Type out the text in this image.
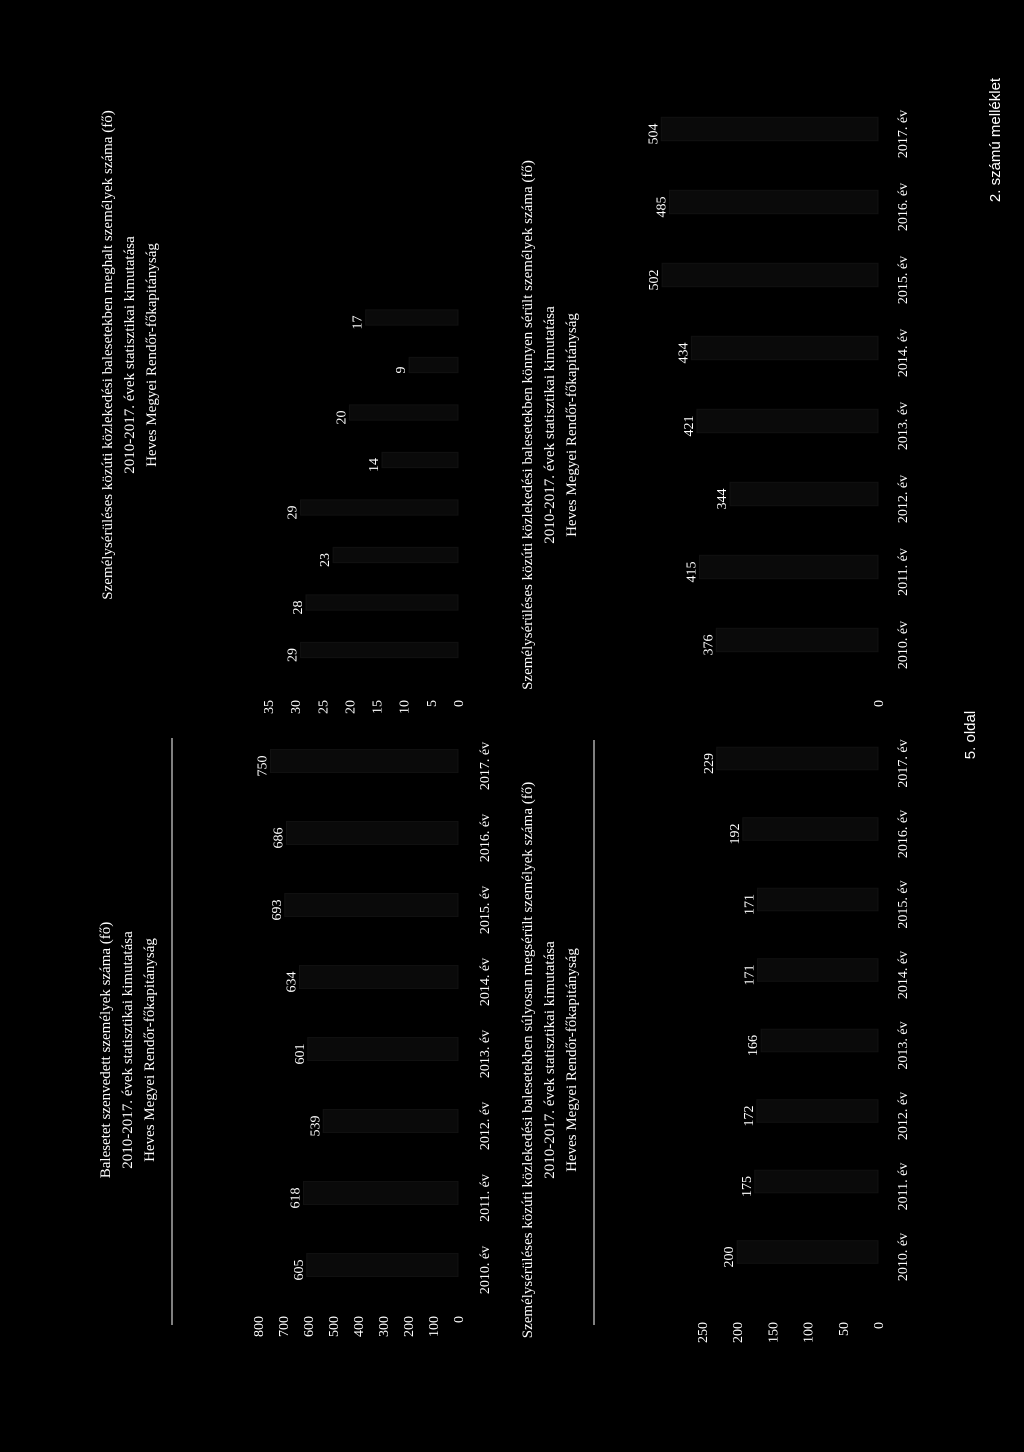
2. számú melléklet
5. oldal
Balesetet szenvedett személyek száma (fő) 2010-2017. évek statisztikai kimutatása Heves Megyei Rendőr-főkapitányság
0
100
200
300
400
500
600
700
800
605	2010. év
618	2011. év
539	2012. év
601	2013. év
634	2014. év
693	2015. év
686	2016. év
750	2017. év
Személysérüléses közúti közlekedési balesetekben meghalt személyek száma (fő) 2010-2017. évek statisztikai kimutatása Heves Megyei Rendőr-főkapitányság
0
5
10
15
20
25
30
35
29
28
23
29
14
20
9
17
Személysérüléses közúti közlekedési balesetekben súlyosan megsérült személyek száma (fő) 2010-2017. évek statisztikai kimutatása Heves Megyei Rendőr-főkapitányság
0
50
100
150
200
250
200	2010. év
175	2011. év
172	2012. év
166	2013. év
171	2014. év
171	2015. év
192	2016. év
229	2017. év
Személysérüléses közúti közlekedési balesetekben könnyen sérült személyek száma (fő) 2010-2017. évek statisztikai kimutatása Heves Megyei Rendőr-főkapitányság
0
376	2010. év
415	2011. év
344	2012. év
421	2013. év
434	2014. év
502	2015. év
485	2016. év
504	2017. év
